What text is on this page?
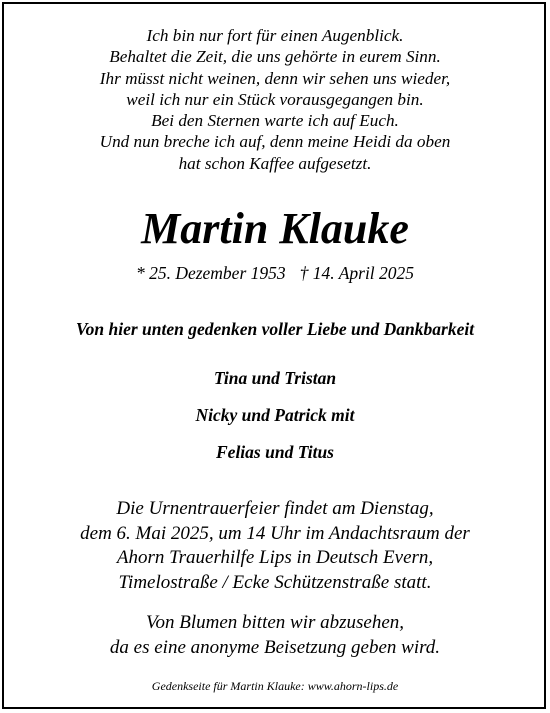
Ich bin nur fort für einen Augenblick.
Behaltet die Zeit, die uns gehörte in eurem Sinn.
Ihr müsst nicht weinen, denn wir sehen uns wieder,
weil ich nur ein Stück vorausgegangen bin.
Bei den Sternen warte ich auf Euch.
Und nun breche ich auf, denn meine Heidi da oben
hat schon Kaffee aufgesetzt.
Martin Klauke
* 25. Dezember 1953 † 14. April 2025
Von hier unten gedenken voller Liebe und Dankbarkeit
Tina und Tristan
Nicky und Patrick mit
Felias und Titus
Die Urnentrauerfeier findet am Dienstag,
dem 6. Mai 2025, um 14 Uhr im Andachtsraum der
Ahorn Trauerhilfe Lips in Deutsch Evern,
Timelostraße / Ecke Schützenstraße statt.
Von Blumen bitten wir abzusehen,
da es eine anonyme Beisetzung geben wird.
Gedenkseite für Martin Klauke: www.ahorn-lips.de
